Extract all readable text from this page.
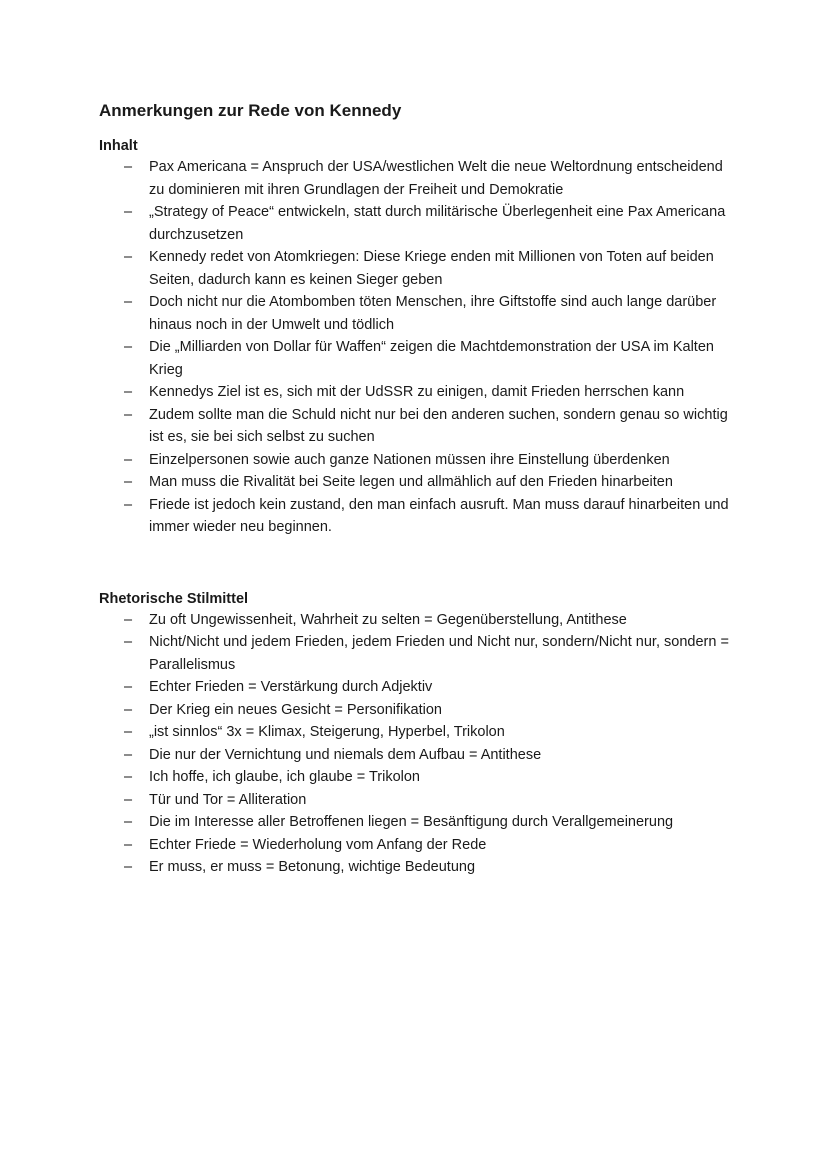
Anmerkungen zur Rede von Kennedy
Inhalt
– Pax Americana = Anspruch der USA/westlichen Welt die neue Weltordnung entscheidend zu dominieren mit ihren Grundlagen der Freiheit und Demokratie
– „Strategy of Peace“ entwickeln, statt durch militärische Überlegenheit eine Pax Americana durchzusetzen
– Kennedy redet von Atomkriegen: Diese Kriege enden mit Millionen von Toten auf beiden Seiten, dadurch kann es keinen Sieger geben
– Doch nicht nur die Atombomben töten Menschen, ihre Giftstoffe sind auch lange darüber hinaus noch in der Umwelt und tödlich
– Die „Milliarden von Dollar für Waffen“ zeigen die Machtdemonstration der USA im Kalten Krieg
– Kennedys Ziel ist es, sich mit der UdSSR zu einigen, damit Frieden herrschen kann
– Zudem sollte man die Schuld nicht nur bei den anderen suchen, sondern genau so wichtig ist es, sie bei sich selbst zu suchen
– Einzelpersonen sowie auch ganze Nationen müssen ihre Einstellung überdenken
– Man muss die Rivalität bei Seite legen und allmählich auf den Frieden hinarbeiten
– Friede ist jedoch kein zustand, den man einfach ausruft. Man muss darauf hinarbeiten und immer wieder neu beginnen.
Rhetorische Stilmittel
– Zu oft Ungewissenheit, Wahrheit zu selten = Gegenüberstellung, Antithese
– Nicht/Nicht und jedem Frieden, jedem Frieden und Nicht nur, sondern/Nicht nur, sondern = Parallelismus
– Echter Frieden = Verstärkung durch Adjektiv
– Der Krieg ein neues Gesicht = Personifikation
– „ist sinnlos“ 3x = Klimax, Steigerung, Hyperbel, Trikolon
– Die nur der Vernichtung und niemals dem Aufbau = Antithese
– Ich hoffe, ich glaube, ich glaube = Trikolon
– Tür und Tor = Alliteration
– Die im Interesse aller Betroffenen liegen = Besänftigung durch Verallgemeinerung
– Echter Friede = Wiederholung vom Anfang der Rede
– Er muss, er muss = Betonung, wichtige Bedeutung
